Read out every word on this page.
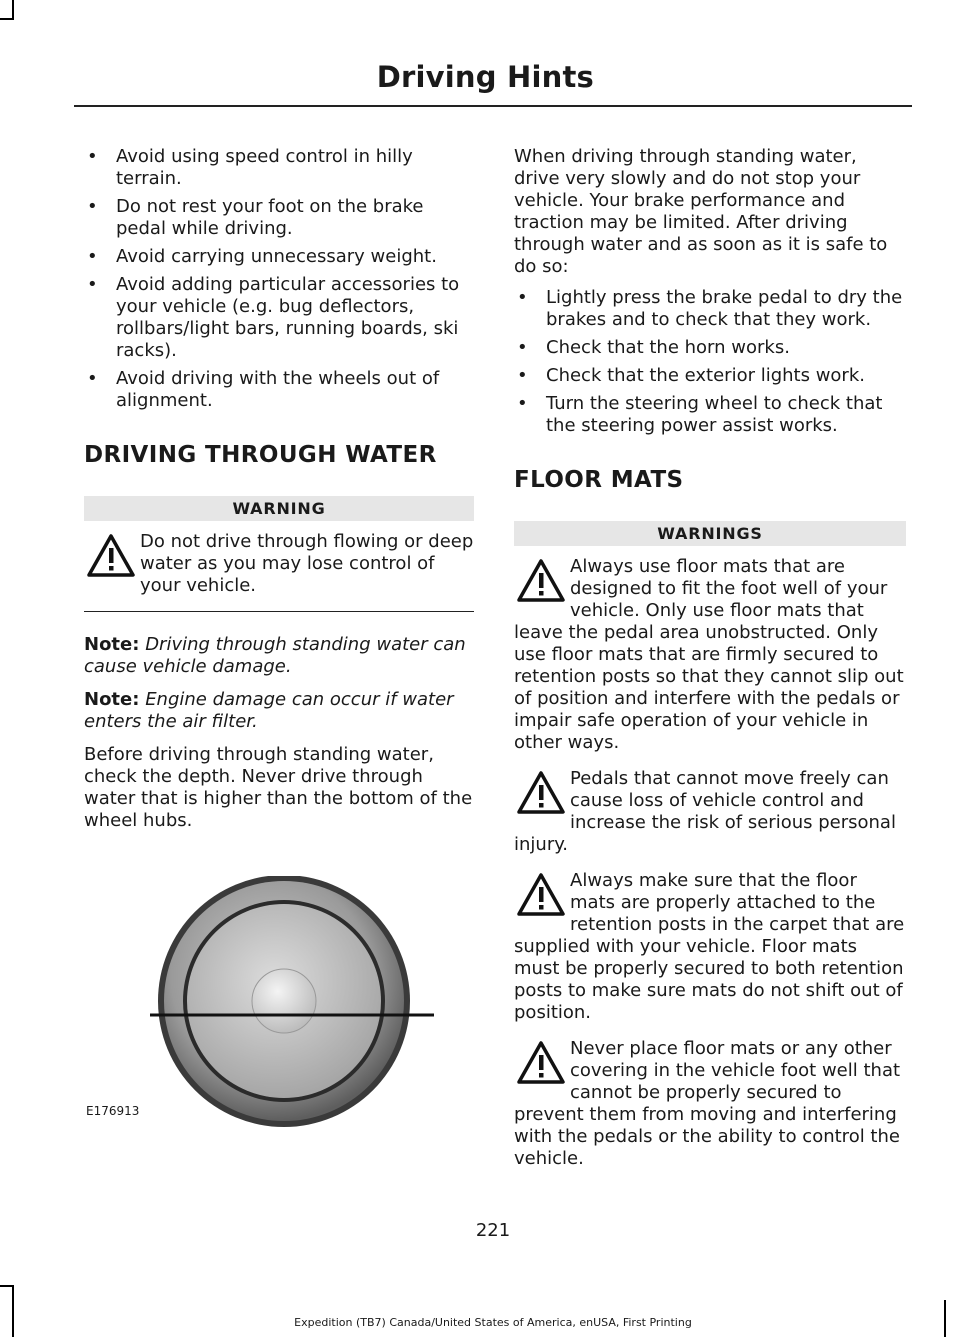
Driving Hints
• Avoid using speed control in hilly terrain.
• Do not rest your foot on the brake pedal while driving.
• Avoid carrying unnecessary weight.
• Avoid adding particular accessories to your vehicle (e.g. bug deflectors, rollbars/light bars, running boards, ski racks).
• Avoid driving with the wheels out of alignment.
DRIVING THROUGH WATER
WARNING
Do not drive through flowing or deep water as you may lose control of your vehicle.

Note: Driving through standing water can cause vehicle damage.

Note: Engine damage can occur if water enters the air filter.

Before driving through standing water, check the depth. Never drive through water that is higher than the bottom of the wheel hubs.

E176913

When driving through standing water, drive very slowly and do not stop your vehicle. Your brake performance and traction may be limited. After driving through water and as soon as it is safe to do so:

• Lightly press the brake pedal to dry the brakes and to check that they work.
• Check that the horn works.
• Check that the exterior lights work.
• Turn the steering wheel to check that the steering power assist works.
FLOOR MATS
WARNINGS
Always use floor mats that are designed to fit the foot well of your vehicle. Only use floor mats that leave the pedal area unobstructed. Only use floor mats that are firmly secured to retention posts so that they cannot slip out of position and interfere with the pedals or impair safe operation of your vehicle in other ways.
Pedals that cannot move freely can cause loss of vehicle control and increase the risk of serious personal injury.
Always make sure that the floor mats are properly attached to the retention posts in the carpet that are supplied with your vehicle. Floor mats must be properly secured to both retention posts to make sure mats do not shift out of position.
Never place floor mats or any other covering in the vehicle foot well that cannot be properly secured to prevent them from moving and interfering with the pedals or the ability to control the vehicle.
221
Expedition (TB7) Canada/United States of America, enUSA, First Printing
